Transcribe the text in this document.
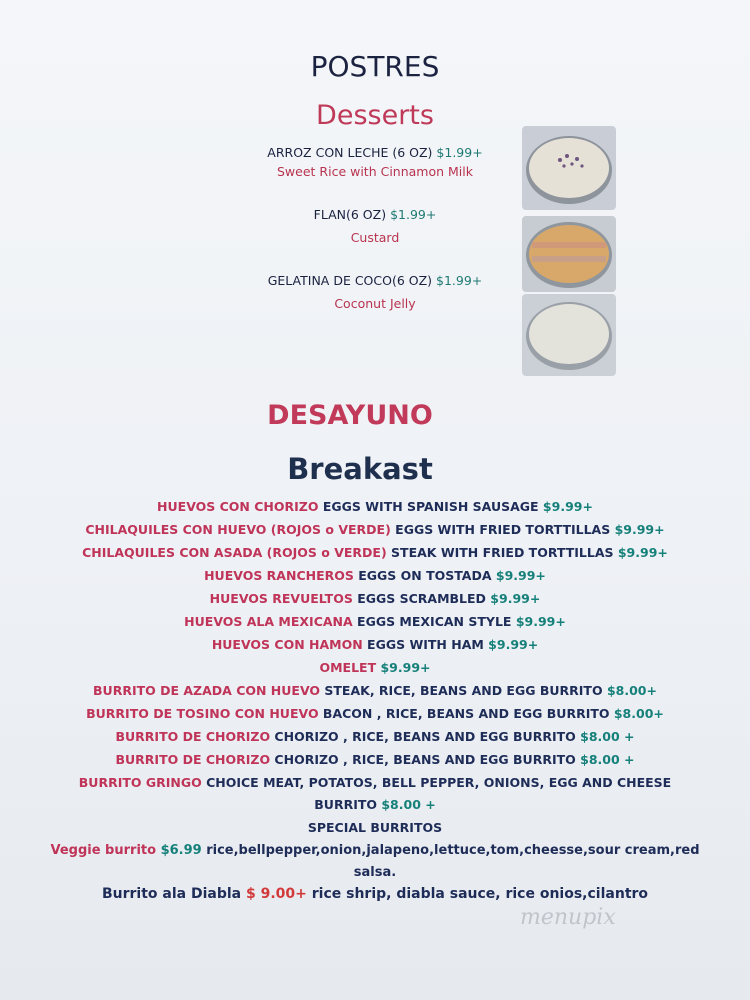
POSTRES
Desserts
ARROZ CON LECHE (6 OZ) $1.99+
Sweet Rice with Cinnamon Milk
FLAN(6 OZ) $1.99+
Custard
GELATINA DE COCO(6 OZ) $1.99+
Coconut Jelly
DESAYUNO
Breakast
HUEVOS CON CHORIZO EGGS WITH SPANISH SAUSAGE $9.99+
CHILAQUILES CON HUEVO (ROJOS o VERDE) EGGS WITH FRIED TORTTILLAS $9.99+
CHILAQUILES CON ASADA (ROJOS o VERDE) STEAK WITH FRIED TORTTILLAS $9.99+
HUEVOS RANCHEROS EGGS ON TOSTADA $9.99+
HUEVOS REVUELTOS EGGS SCRAMBLED $9.99+
HUEVOS ALA MEXICANA EGGS MEXICAN STYLE $9.99+
HUEVOS CON HAMON EGGS WITH HAM $9.99+
OMELET $9.99+
BURRITO DE AZADA CON HUEVO STEAK, RICE, BEANS AND EGG BURRITO $8.00+
BURRITO DE TOSINO CON HUEVO BACON , RICE, BEANS AND EGG BURRITO $8.00+
BURRITO DE CHORIZO CHORIZO , RICE, BEANS AND EGG BURRITO $8.00 +
BURRITO DE CHORIZO CHORIZO , RICE, BEANS AND EGG BURRITO $8.00 +
BURRITO GRINGO CHOICE MEAT, POTATOS, BELL PEPPER, ONIONS, EGG AND CHEESE
BURRITO $8.00 +
SPECIAL BURRITOS
Veggie burrito $6.99 rice,bellpepper,onion,jalapeno,lettuce,tom,cheesse,sour cream,red
salsa.
Burrito ala Diabla $ 9.00+ rice shrip, diabla sauce, rice onios,cilantro
menupix
